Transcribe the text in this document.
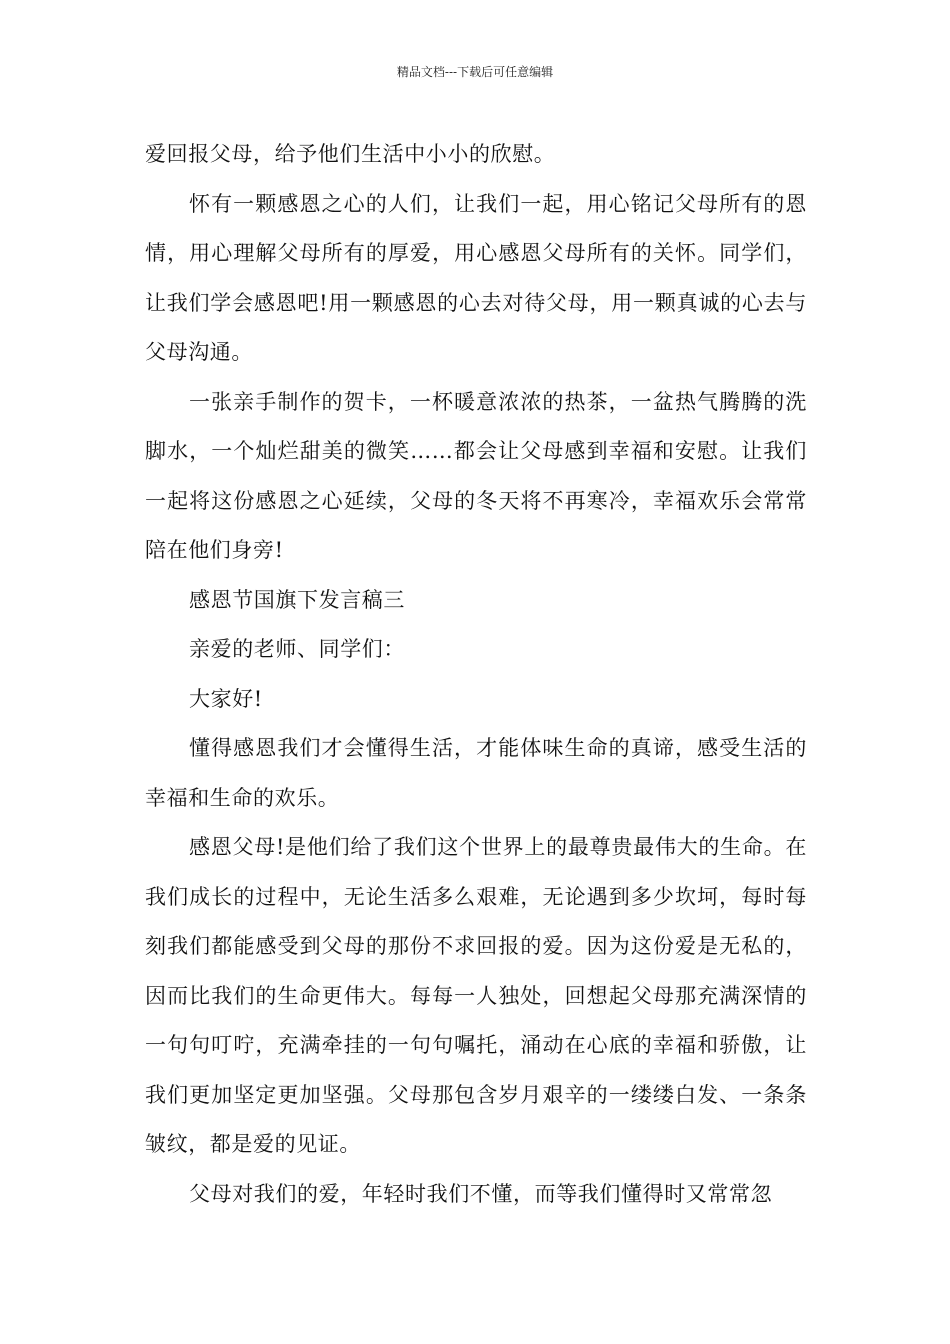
精品文档---下载后可任意编辑

爱回报父母，给予他们生活中小小的欣慰。

怀有一颗感恩之心的人们，让我们一起，用心铭记父母所有的恩情，用心理解父母所有的厚爱，用心感恩父母所有的关怀。同学们，让我们学会感恩吧!用一颗感恩的心去对待父母，用一颗真诚的心去与父母沟通。

一张亲手制作的贺卡，一杯暖意浓浓的热茶，一盆热气腾腾的洗脚水，一个灿烂甜美的微笑……都会让父母感到幸福和安慰。让我们一起将这份感恩之心延续，父母的冬天将不再寒冷，幸福欢乐会常常陪在他们身旁!

感恩节国旗下发言稿三

亲爱的老师、同学们：

大家好!

懂得感恩我们才会懂得生活，才能体味生命的真谛，感受生活的幸福和生命的欢乐。

感恩父母!是他们给了我们这个世界上的最尊贵最伟大的生命。在我们成长的过程中，无论生活多么艰难，无论遇到多少坎坷，每时每刻我们都能感受到父母的那份不求回报的爱。因为这份爱是无私的，因而比我们的生命更伟大。每每一人独处，回想起父母那充满深情的一句句叮咛，充满牵挂的一句句嘱托，涌动在心底的幸福和骄傲，让我们更加坚定更加坚强。父母那包含岁月艰辛的一缕缕白发、一条条皱纹，都是爱的见证。

父母对我们的爱，年轻时我们不懂，而等我们懂得时又常常忽
